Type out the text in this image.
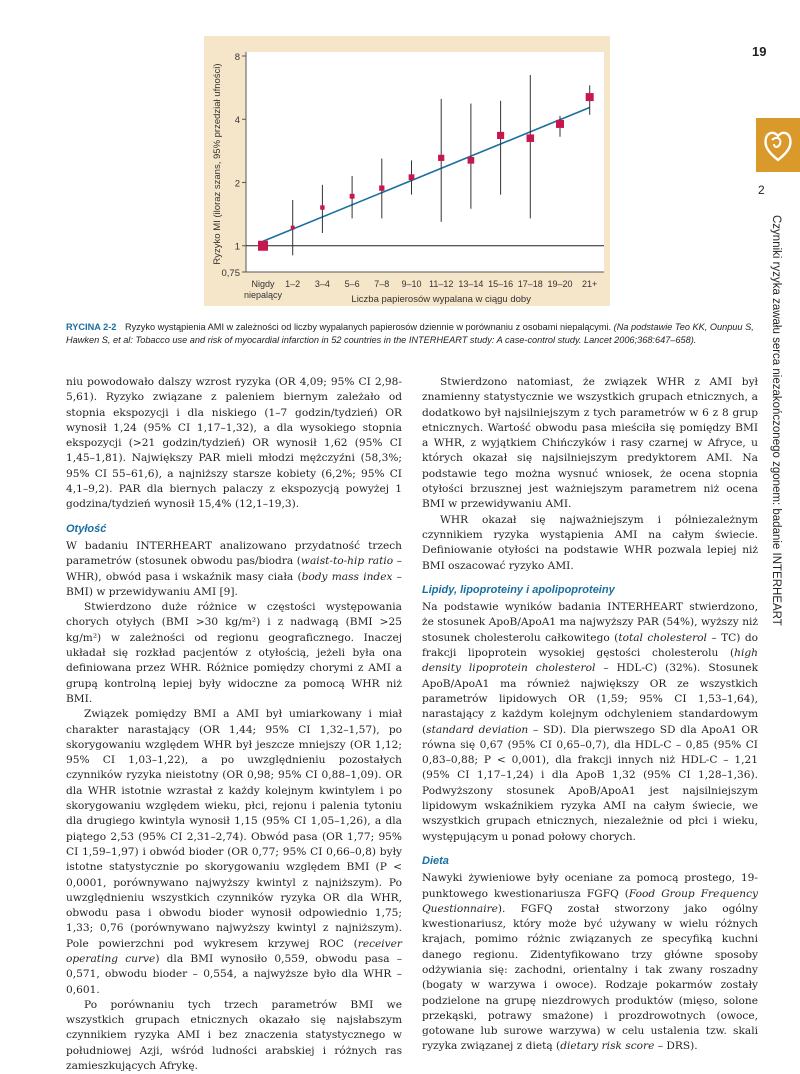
19
2
Czynniki ryzyka zawału serca niezakończonego zgonem: badanie INTERHEART
0,75
1
2
4
8
Ryzyko MI (iloraz szans, 95% przedział ufności)
Nigdy niepalący
1–2 3–4 5–6 7–8 9–10 11–12 13–14 15–16 17–18 19–20 21+
Liczba papierosów wypalana w ciągu doby
RYCINA 2-2 Ryzyko wystąpienia AMI w zależności od liczby wypalanych papierosów dziennie w porównaniu z osobami niepalącymi. (Na podstawie Teo KK, Ounpuu S, Hawken S, et al: Tobacco use and risk of myocardial infarction in 52 countries in the INTERHEART study: A case-control study. Lancet 2006;368:647–658).

niu powodowało dalszy wzrost ryzyka (OR 4,09; 95% CI 2,98-5,61). Ryzyko związane z paleniem biernym zależało od stopnia ekspozycji i dla niskiego (1–7 godzin/tydzień) OR wynosił 1,24 (95% CI 1,17–1,32), a dla wysokiego stopnia ekspozycji (>21 godzin/tydzień) OR wynosił 1,62 (95% CI 1,45–1,81). Największy PAR mieli młodzi mężczyźni (58,3%; 95% CI 55–61,6), a najniższy starsze kobiety (6,2%; 95% CI 4,1–9,2). PAR dla biernych palaczy z ekspozycją powyżej 1 godzina/tydzień wynosił 15,4% (12,1–19,3).

Otyłość

W badaniu INTERHEART analizowano przydatność trzech parametrów (stosunek obwodu pas/biodra (waist-to-hip ratio – WHR), obwód pasa i wskaźnik masy ciała (body mass index – BMI) w przewidywaniu AMI [9].

Stwierdzono duże różnice w częstości występowania chorych otyłych (BMI >30 kg/m²) i z nadwagą (BMI >25 kg/m²) w zależności od regionu geograficznego. Inaczej układał się rozkład pacjentów z otyłością, jeżeli była ona definiowana przez WHR. Różnice pomiędzy chorymi z AMI a grupą kontrolną lepiej były widoczne za pomocą WHR niż BMI.

Związek pomiędzy BMI a AMI był umiarkowany i miał charakter narastający (OR 1,44; 95% CI 1,32–1,57), po skorygowaniu względem WHR był jeszcze mniejszy (OR 1,12; 95% CI 1,03–1,22), a po uwzględnieniu pozostałych czynników ryzyka nieistotny (OR 0,98; 95% CI 0,88–1,09). OR dla WHR istotnie wzrastał z każdy kolejnym kwintylem i po skorygowaniu względem wieku, płci, rejonu i palenia tytoniu dla drugiego kwintyla wynosił 1,15 (95% CI 1,05–1,26), a dla piątego 2,53 (95% CI 2,31–2,74). Obwód pasa (OR 1,77; 95% CI 1,59–1,97) i obwód bioder (OR 0,77; 95% CI 0,66–0,8) były istotne statystycznie po skorygowaniu względem BMI (P < 0,0001, porównywano najwyższy kwintyl z najniższym). Po uwzględnieniu wszystkich czynników ryzyka OR dla WHR, obwodu pasa i obwodu bioder wynosił odpowiednio 1,75; 1,33; 0,76 (porównywano najwyższy kwintyl z najniższym). Pole powierzchni pod wykresem krzywej ROC (receiver operating curve) dla BMI wynosiło 0,559, obwodu pasa – 0,571, obwodu bioder – 0,554, a najwyższe było dla WHR – 0,601.

Po porównaniu tych trzech parametrów BMI we wszystkich grupach etnicznych okazało się najsłabszym czynnikiem ryzyka AMI i bez znaczenia statystycznego w południowej Azji, wśród ludności arabskiej i różnych ras zamieszkujących Afrykę.

Stwierdzono natomiast, że związek WHR z AMI był znamienny statystycznie we wszystkich grupach etnicznych, a dodatkowo był najsilniejszym z tych parametrów w 6 z 8 grup etnicznych. Wartość obwodu pasa mieściła się pomiędzy BMI a WHR, z wyjątkiem Chińczyków i rasy czarnej w Afryce, u których okazał się najsilniejszym predyktorem AMI. Na podstawie tego można wysnuć wniosek, że ocena stopnia otyłości brzusznej jest ważniejszym parametrem niż ocena BMI w przewidywaniu AMI.

WHR okazał się najważniejszym i półniezależnym czynnikiem ryzyka wystąpienia AMI na całym świecie. Definiowanie otyłości na podstawie WHR pozwala lepiej niż BMI oszacować ryzyko AMI.

Lipidy, lipoproteiny i apolipoproteiny

Na podstawie wyników badania INTERHEART stwierdzono, że stosunek ApoB/ApoA1 ma najwyższy PAR (54%), wyższy niż stosunek cholesterolu całkowitego (total cholesterol – TC) do frakcji lipoprotein wysokiej gęstości cholesterolu (high density lipoprotein cholesterol – HDL-C) (32%). Stosunek ApoB/ApoA1 ma również największy OR ze wszystkich parametrów lipidowych OR (1,59; 95% CI 1,53–1,64), narastający z każdym kolejnym odchyleniem standardowym (standard deviation – SD). Dla pierwszego SD dla ApoA1 OR równa się 0,67 (95% CI 0,65–0,7), dla HDL-C – 0,85 (95% CI 0,83–0,88; P < 0,001), dla frakcji innych niż HDL-C – 1,21 (95% CI 1,17–1,24) i dla ApoB 1,32 (95% CI 1,28–1,36). Podwyższony stosunek ApoB/ApoA1 jest najsilniejszym lipidowym wskaźnikiem ryzyka AMI na całym świecie, we wszystkich grupach etnicznych, niezależnie od płci i wieku, występującym u ponad połowy chorych.

Dieta

Nawyki żywieniowe były oceniane za pomocą prostego, 19-punktowego kwestionariusza FGFQ (Food Group Frequency Questionnaire). FGFQ został stworzony jako ogólny kwestionariusz, który może być używany w wielu różnych krajach, pomimo różnic związanych ze specyfiką kuchni danego regionu. Zidentyfikowano trzy główne sposoby odżywiania się: zachodni, orientalny i tak zwany roszadny (bogaty w warzywa i owoce). Rodzaje pokarmów zostały podzielone na grupę niezdrowych produktów (mięso, solone przekąski, potrawy smażone) i prozdrowotnych (owoce, gotowane lub surowe warzywa) w celu ustalenia tzw. skali ryzyka związanej z dietą (dietary risk score – DRS).
